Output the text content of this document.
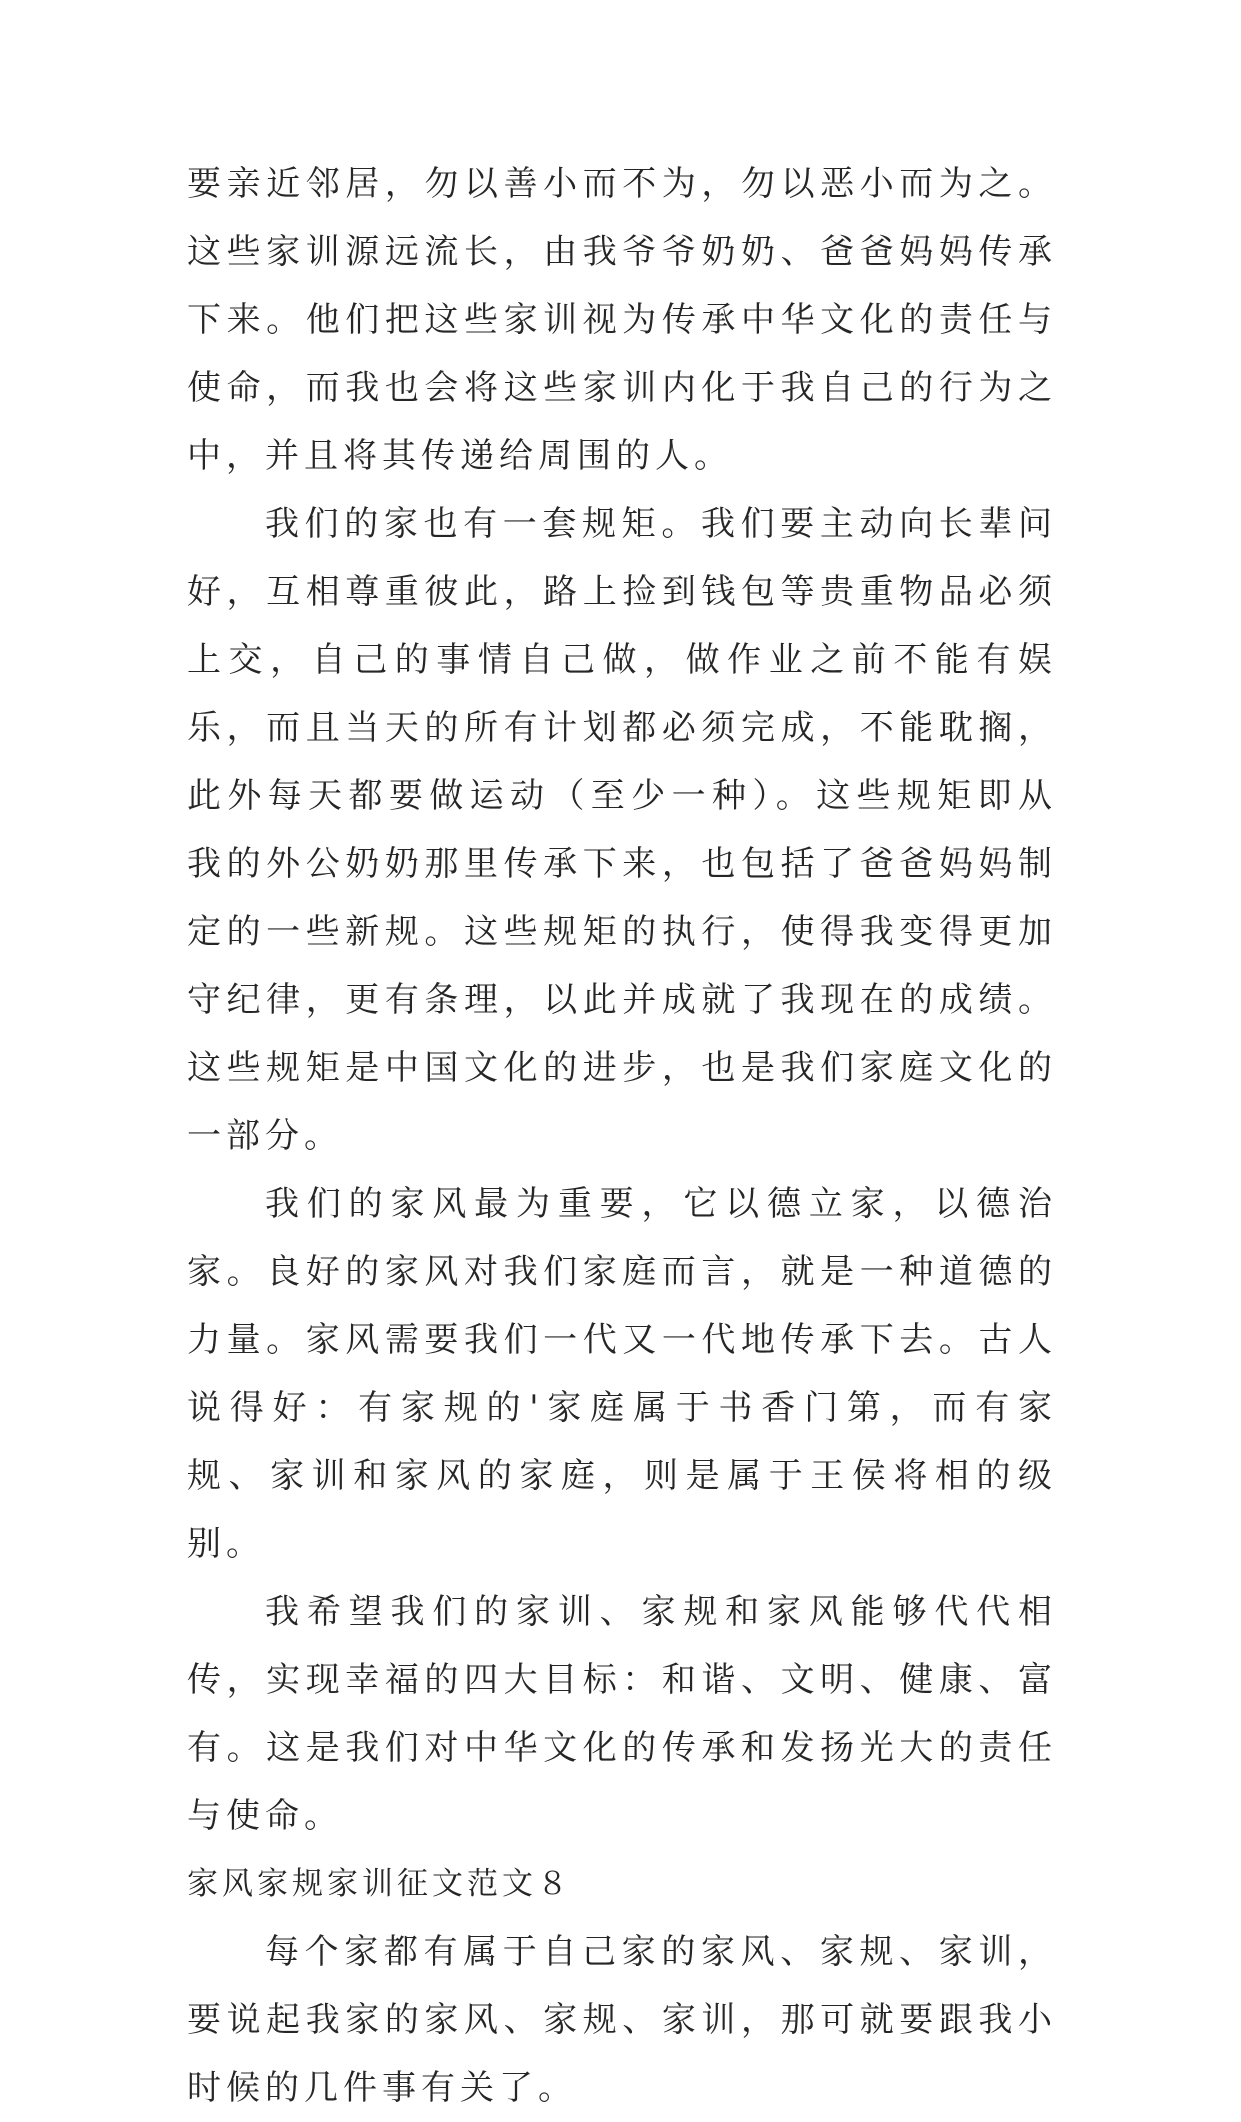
要亲近邻居，勿以善小而不为，勿以恶小而为之。这些家训源远流长，由我爷爷奶奶、爸爸妈妈传承下来。他们把这些家训视为传承中华文化的责任与使命，而我也会将这些家训内化于我自己的行为之中，并且将其传递给周围的人。

我们的家也有一套规矩。我们要主动向长辈问好，互相尊重彼此，路上捡到钱包等贵重物品必须上交，自己的事情自己做，做作业之前不能有娱乐，而且当天的所有计划都必须完成，不能耽搁，此外每天都要做运动（至少一种）。这些规矩即从我的外公奶奶那里传承下来，也包括了爸爸妈妈制定的一些新规。这些规矩的执行，使得我变得更加守纪律，更有条理，以此并成就了我现在的成绩。这些规矩是中国文化的进步，也是我们家庭文化的一部分。

我们的家风最为重要，它以德立家，以德治家。良好的家风对我们家庭而言，就是一种道德的力量。家风需要我们一代又一代地传承下去。古人说得好：有家规的'家庭属于书香门第，而有家规、家训和家风的家庭，则是属于王侯将相的级别。

我希望我们的家训、家规和家风能够代代相传，实现幸福的四大目标：和谐、文明、健康、富有。这是我们对中华文化的传承和发扬光大的责任与使命。

家风家规家训征文范文８

每个家都有属于自己家的家风、家规、家训，要说起我家的家风、家规、家训，那可就要跟我小时候的几件事有关了。
